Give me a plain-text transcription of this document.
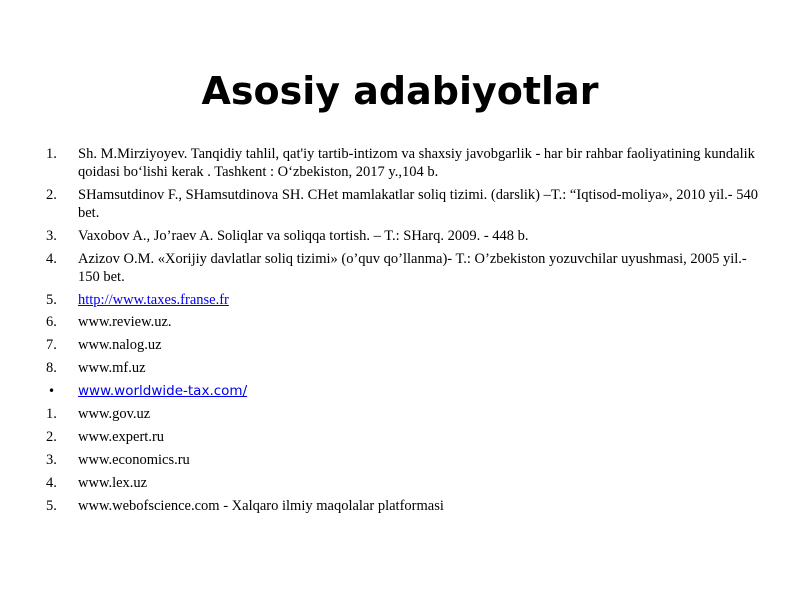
Asosiy adabiyotlar
1.	Sh. M.Mirziyoyev. Tanqidiy tahlil, qat'iy tartib-intizom va shaxsiy javobgarlik - har bir rahbar faoliyatining kundalik qoidasi bo‘lishi kerak . Tashkent : O‘zbekiston, 2017 y.,104 b.
2.	SHamsutdinov F., SHamsutdinova SH. CHet mamlakatlar soliq tizimi. (darslik) –T.: “Iqtisod-moliya», 2010 yil.- 540 bet.
3.	Vaxobov A., Jo’raev A. Soliqlar va soliqqa tortish. – T.: SHarq. 2009. - 448 b.
4.	Azizov O.M. «Xorijiy davlatlar soliq tizimi» (o’quv qo’llanma)- T.: O’zbekiston yozuvchilar uyushmasi, 2005 yil.- 150 bet.
5.	http://www.taxes.franse.fr
6.	www.review.uz.
7.	www.nalog.uz
8.	www.mf.uz
•	www.worldwide-tax.com/
1.	www.gov.uz
2.	www.expert.ru
3.	www.economics.ru
4.	www.lex.uz
5.	www.webofscience.com - Xalqaro ilmiy maqolalar platformasi
